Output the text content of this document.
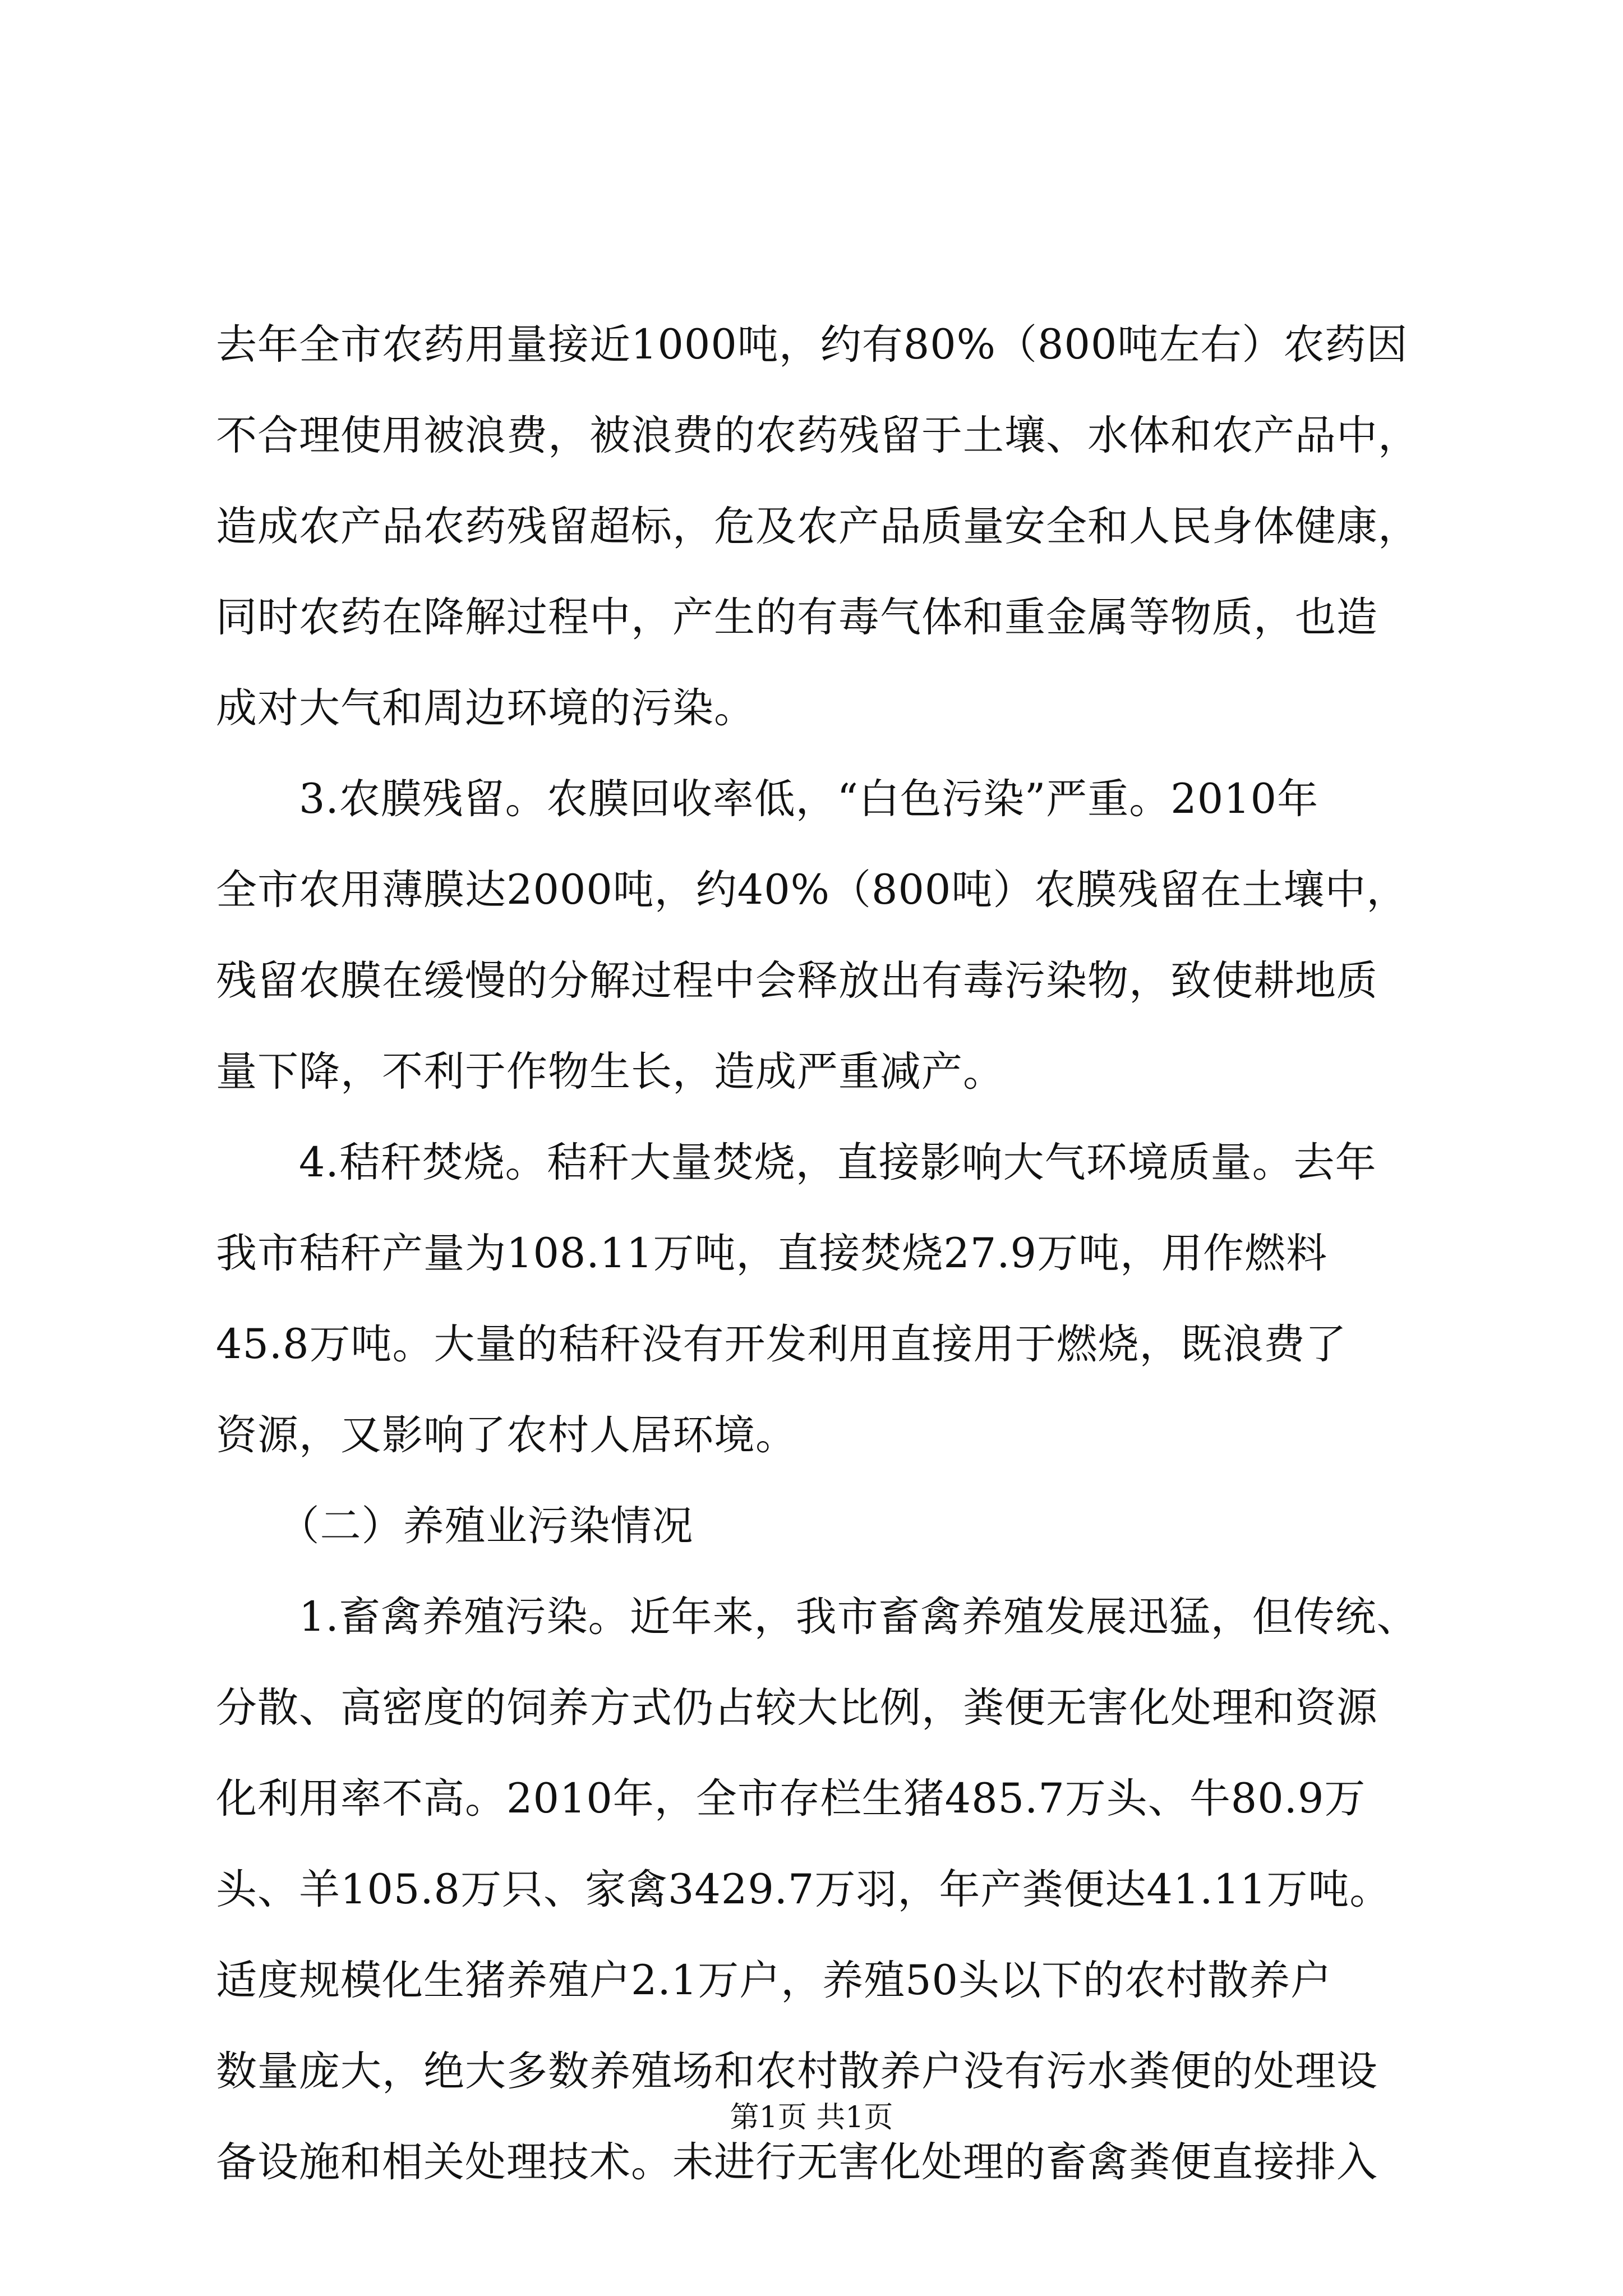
去年全市农药用量接近1000吨，约有80%（800吨左右）农药因
不合理使用被浪费，被浪费的农药残留于土壤、水体和农产品中，
造成农产品农药残留超标，危及农产品质量安全和人民身体健康，
同时农药在降解过程中，产生的有毒气体和重金属等物质，也造
成对大气和周边环境的污染。
　　3.农膜残留。农膜回收率低，“白色污染”严重。2010年
全市农用薄膜达2000吨，约40%（800吨）农膜残留在土壤中，
残留农膜在缓慢的分解过程中会释放出有毒污染物，致使耕地质
量下降，不利于作物生长，造成严重减产。
　　4.秸秆焚烧。秸秆大量焚烧，直接影响大气环境质量。去年
我市秸秆产量为108.11万吨，直接焚烧27.9万吨，用作燃料
45.8万吨。大量的秸秆没有开发利用直接用于燃烧，既浪费了
资源，又影响了农村人居环境。
　　（二）养殖业污染情况
　　1.畜禽养殖污染。近年来，我市畜禽养殖发展迅猛，但传统、
分散、高密度的饲养方式仍占较大比例，粪便无害化处理和资源
化利用率不高。2010年，全市存栏生猪485.7万头、牛80.9万
头、羊105.8万只、家禽3429.7万羽，年产粪便达41.11万吨。
适度规模化生猪养殖户2.1万户，养殖50头以下的农村散养户
数量庞大，绝大多数养殖场和农村散养户没有污水粪便的处理设
备设施和相关处理技术。未进行无害化处理的畜禽粪便直接排入
第1页 共1页
